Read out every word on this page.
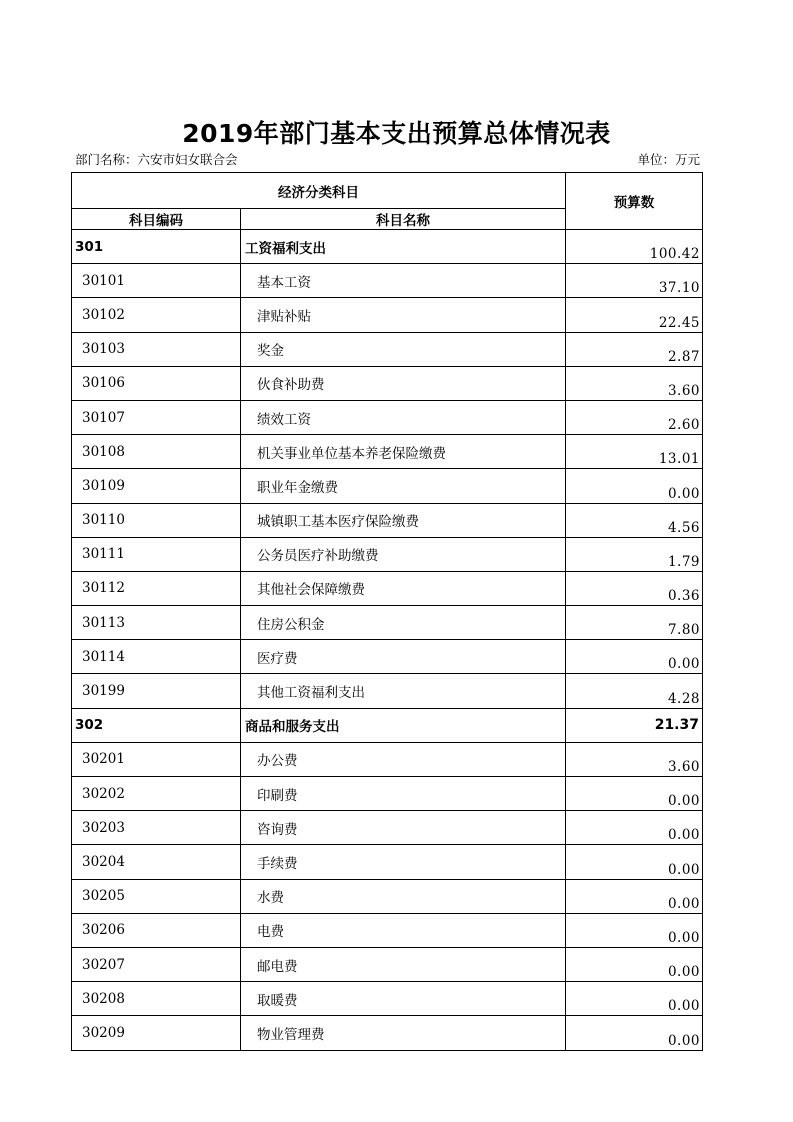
2019年部门基本支出预算总体情况表
部门名称：六安市妇女联合会	单位：万元
经济分类科目		预算数
科目编码	科目名称	
301	工资福利支出	100.42
30101	基本工资	37.10
30102	津贴补贴	22.45
30103	奖金	2.87
30106	伙食补助费	3.60
30107	绩效工资	2.60
30108	机关事业单位基本养老保险缴费	13.01
30109	职业年金缴费	0.00
30110	城镇职工基本医疗保险缴费	4.56
30111	公务员医疗补助缴费	1.79
30112	其他社会保障缴费	0.36
30113	住房公积金	7.80
30114	医疗费	0.00
30199	其他工资福利支出	4.28
302	商品和服务支出	21.37
30201	办公费	3.60
30202	印刷费	0.00
30203	咨询费	0.00
30204	手续费	0.00
30205	水费	0.00
30206	电费	0.00
30207	邮电费	0.00
30208	取暖费	0.00
30209	物业管理费	0.00
